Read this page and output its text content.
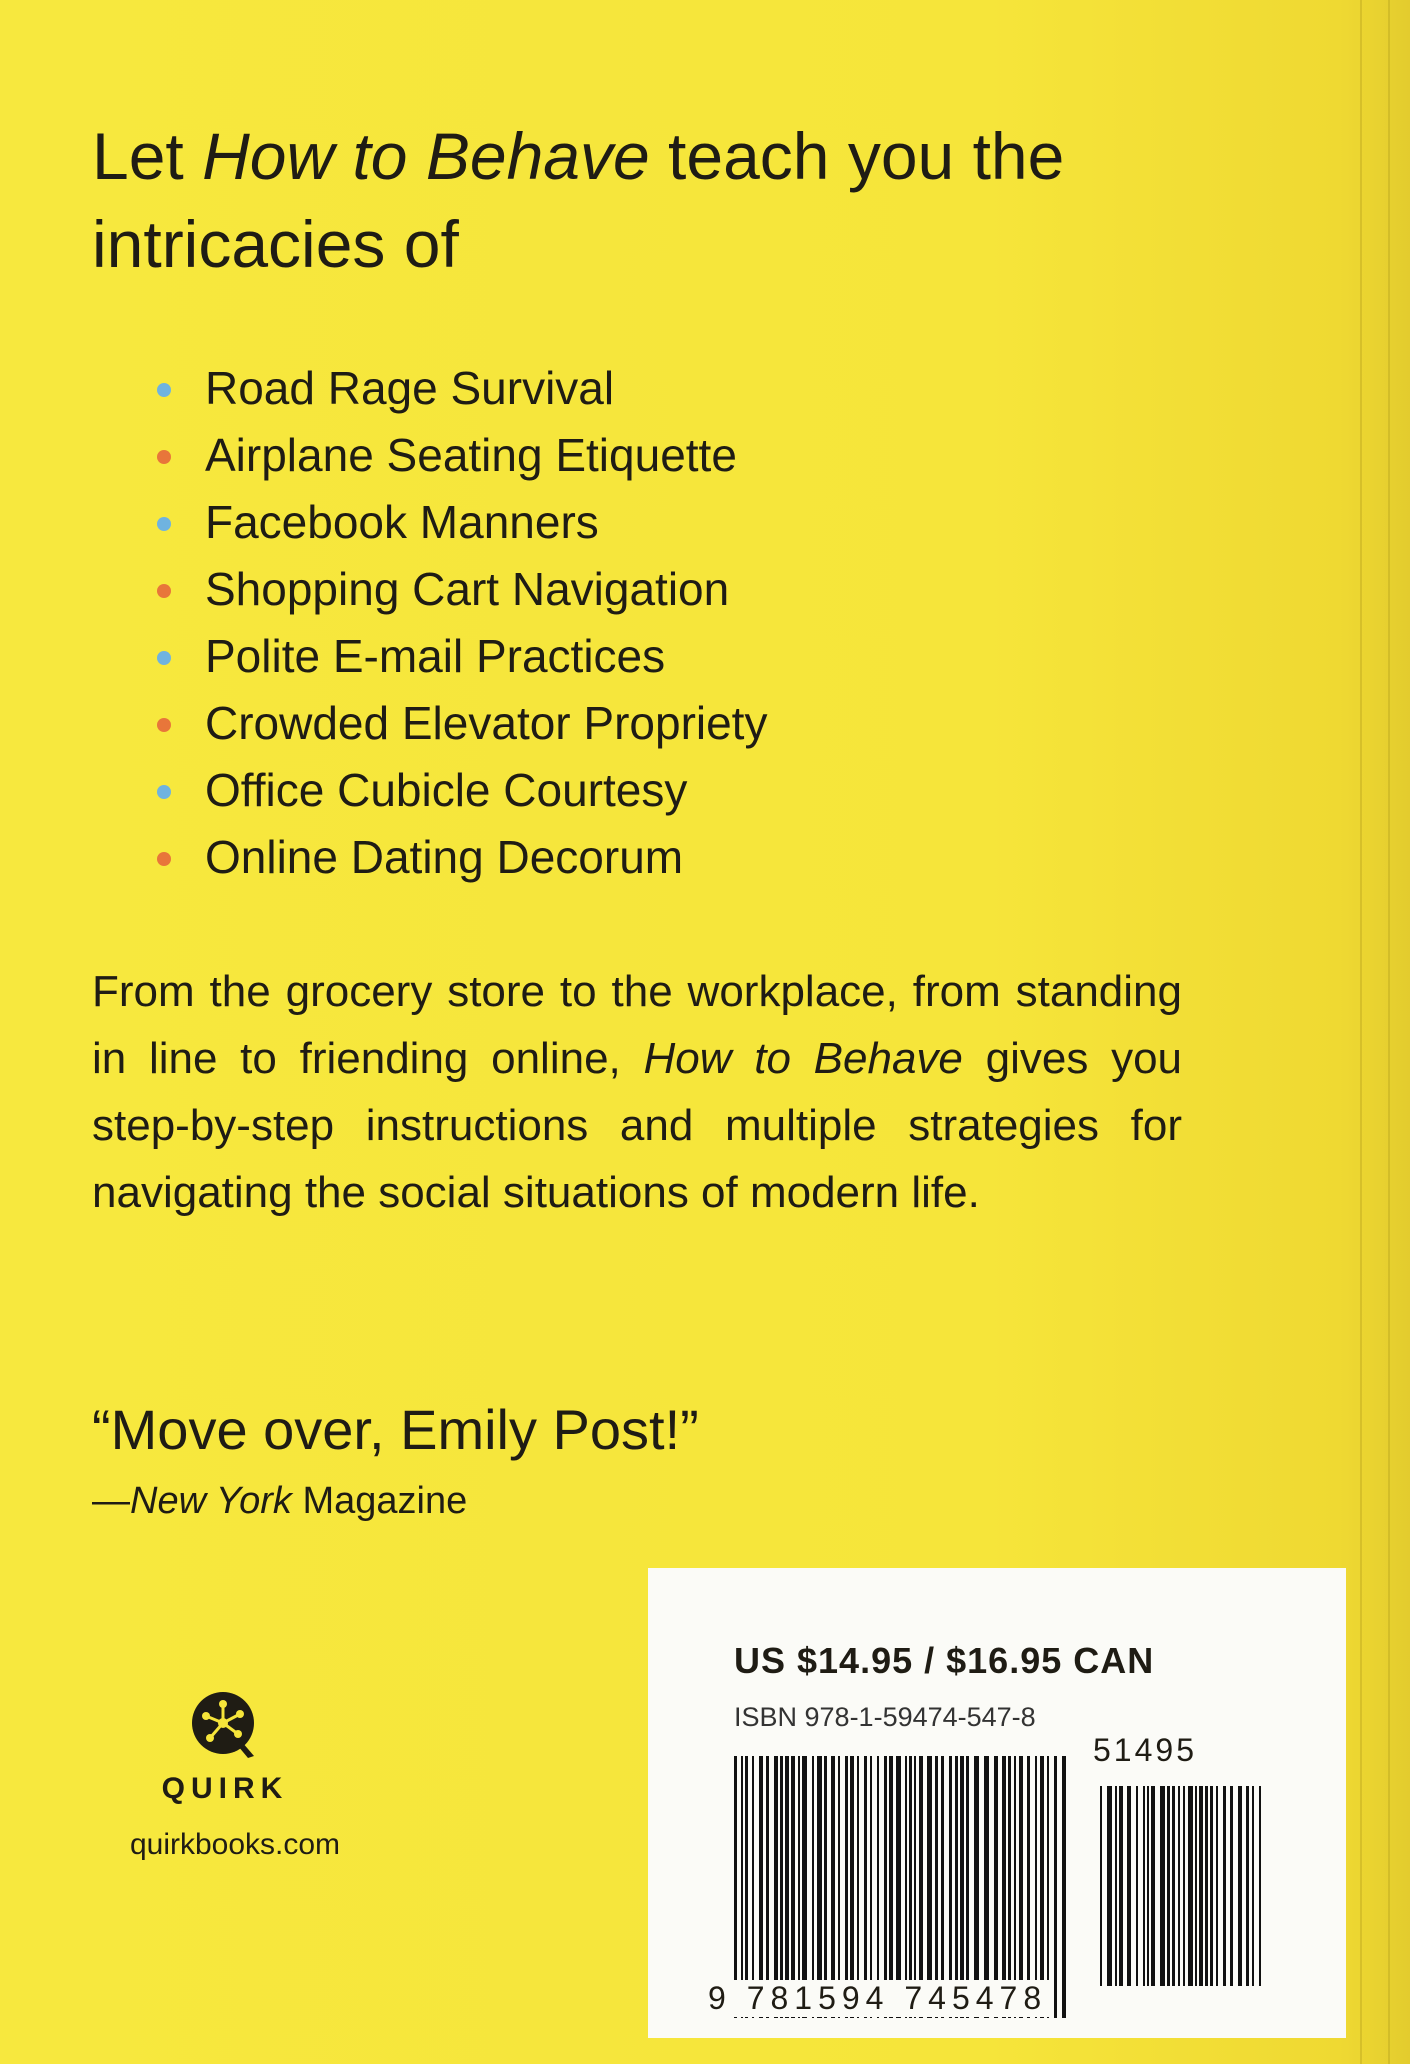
Let How to Behave teach you the intricacies of

Road Rage Survival
Airplane Seating Etiquette
Facebook Manners
Shopping Cart Navigation
Polite E-mail Practices
Crowded Elevator Propriety
Office Cubicle Courtesy
Online Dating Decorum

From the grocery store to the workplace, from standing in line to friending online, How to Behave gives you step-by-step instructions and multiple strategies for navigating the social situations of modern life.

“Move over, Emily Post!”

—New York Magazine
QUIRK
quirkbooks.com
US $14.95 / $16.95 CAN
ISBN 978-1-59474-547-8
51495
9 781594 745478
